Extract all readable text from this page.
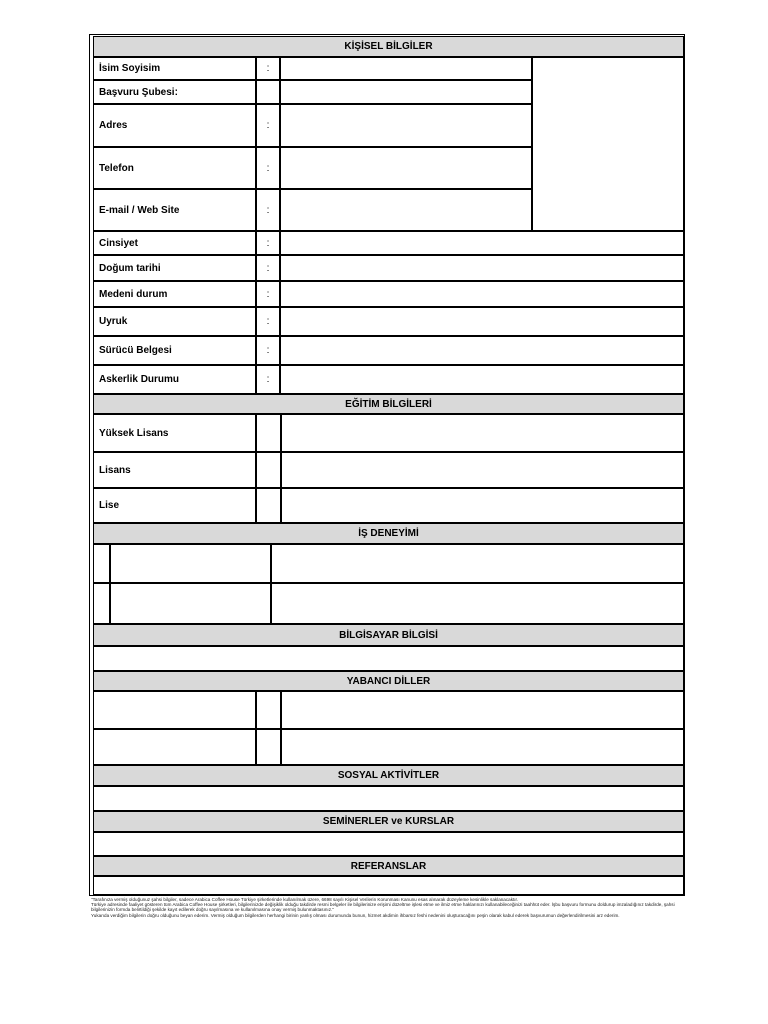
KİŞİSEL BİLGİLER
İsim Soyisim	:
Başvuru Şubesi:
Adres	:
Telefon	:
E-mail / Web Site	:
Cinsiyet	:
Doğum tarihi	:
Medeni durum	:
Uyruk	:
Sürücü Belgesi	:
Askerlik Durumu	:
EĞİTİM BİLGİLERİ
Yüksek Lisans
Lisans
Lise
İŞ DENEYİMİ
BİLGİSAYAR BİLGİSİ
YABANCI DİLLER
SOSYAL AKTİVİTLER
SEMİNERLER ve KURSLAR
REFERANSLAR

"Tarafınıza vermiş olduğunuz şahsi bilgiler, sadece Arabica Coffee House Türkiye şirketlerinde kullanılmak üzere, 6698 sayılı Kişisel Verilerin Korunması Kanunu esas alınarak düzeyleme kesinlikle saklanacaktır.

Türkiye adresinde faaliyet gösteren tüm Arabica Coffee House şirketleri, bilgilerinizde değişiklik olduğu takdirde resmi belgeler ile bilgilerinize erişimi düzeltme işlesi etme ve ilmiz etme haklarınızı kullanabileceğinizi taahhüt eder. İşbu başvuru formunu doldurup imzaladığınız takdirde, şahsi bilgilerinizin formda belirtildiği şekilde kayıt edilerek doğru sayılmasına ve kullanılmasına onay vermiş bulunmaktasınız."

Yukarıda verdiğim bilgilerin doğru olduğunu beyan ederim. Vermiş olduğum bilgilerden herhangi birinin yanlış olması durumunda bunun, hizmet akdimin ihbarsız feshi nedenini oluşturacağını peşin olarak kabul ederek başvurumun değerlendirilmesini arz ederim.
